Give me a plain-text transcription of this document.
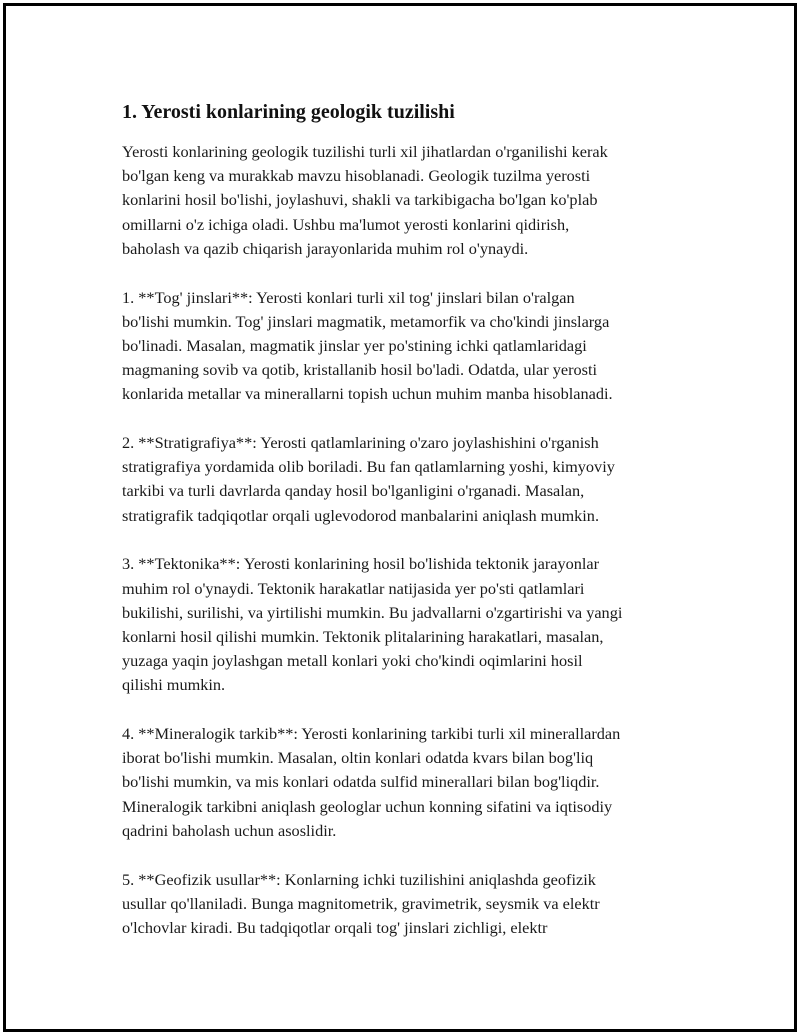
1. Yerosti konlarining geologik tuzilishi
Yerosti konlarining geologik tuzilishi turli xil jihatlardan o'rganilishi kerak
bo'lgan keng va murakkab mavzu hisoblanadi. Geologik tuzilma yerosti
konlarini hosil bo'lishi, joylashuvi, shakli va tarkibigacha bo'lgan ko'plab
omillarni o'z ichiga oladi. Ushbu ma'lumot yerosti konlarini qidirish,
baholash va qazib chiqarish jarayonlarida muhim rol o'ynaydi.
1. **Tog' jinslari**: Yerosti konlari turli xil tog' jinslari bilan o'ralgan
bo'lishi mumkin. Tog' jinslari magmatik, metamorfik va cho'kindi jinslarga
bo'linadi. Masalan, magmatik jinslar yer po'stining ichki qatlamlaridagi
magmaning sovib va qotib, kristallanib hosil bo'ladi. Odatda, ular yerosti
konlarida metallar va minerallarni topish uchun muhim manba hisoblanadi.
2. **Stratigrafiya**: Yerosti qatlamlarining o'zaro joylashishini o'rganish
stratigrafiya yordamida olib boriladi. Bu fan qatlamlarning yoshi, kimyoviy
tarkibi va turli davrlarda qanday hosil bo'lganligini o'rganadi. Masalan,
stratigrafik tadqiqotlar orqali uglevodorod manbalarini aniqlash mumkin.
3. **Tektonika**: Yerosti konlarining hosil bo'lishida tektonik jarayonlar
muhim rol o'ynaydi. Tektonik harakatlar natijasida yer po'sti qatlamlari
bukilishi, surilishi, va yirtilishi mumkin. Bu jadvallarni o'zgartirishi va yangi
konlarni hosil qilishi mumkin. Tektonik plitalarining harakatlari, masalan,
yuzaga yaqin joylashgan metall konlari yoki cho'kindi oqimlarini hosil
qilishi mumkin.
4. **Mineralogik tarkib**: Yerosti konlarining tarkibi turli xil minerallardan
iborat bo'lishi mumkin. Masalan, oltin konlari odatda kvars bilan bog'liq
bo'lishi mumkin, va mis konlari odatda sulfid minerallari bilan bog'liqdir.
Mineralogik tarkibni aniqlash geologlar uchun konning sifatini va iqtisodiy
qadrini baholash uchun asoslidir.
5. **Geofizik usullar**: Konlarning ichki tuzilishini aniqlashda geofizik
usullar qo'llaniladi. Bunga magnitometrik, gravimetrik, seysmik va elektr
o'lchovlar kiradi. Bu tadqiqotlar orqali tog' jinslari zichligi, elektr
